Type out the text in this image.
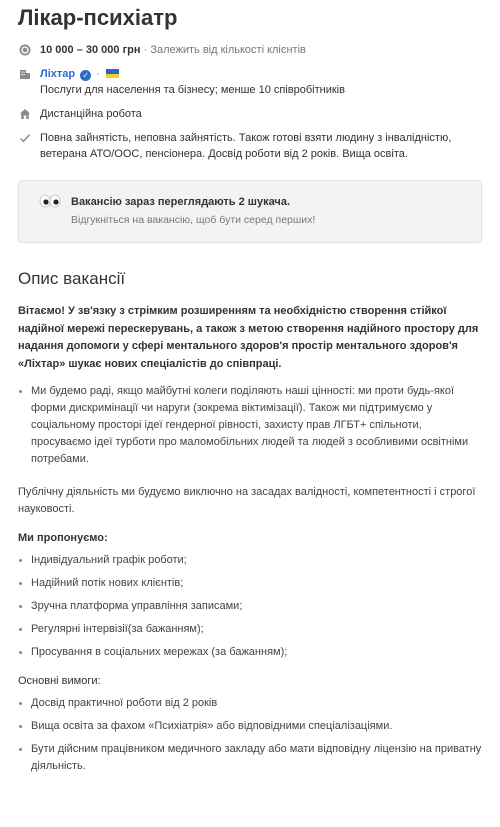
Лікар-психіатр
10 000 – 30 000 грн · Залежить від кількості клієнтів
Ліхтар ✓ ·

Послуги для населення та бізнесу; менше 10 співробітників
Дистанційна робота
Повна зайнятість, неповна зайнятість. Також готові взяти людину з інвалідністю, ветерана АТО/ООС, пенсіонера. Досвід роботи від 2 років. Вища освіта.
Вакансію зараз переглядають 2 шукача.
Відгукніться на вакансію, щоб бути серед перших!
Опис вакансії

Вітаємо! У зв'язку з стрімким розширенням та необхідністю створення стійкої надійної мережі перескерувань, а також з метою створення надійного простору для надання допомоги у сфері ментального здоров'я простір ментального здоров'я «Ліхтар» шукає нових спеціалістів до співпраці.

Ми будемо раді, якщо майбутні колеги поділяють наші цінності: ми проти будь-якої форми дискримінації чи наруги (зокрема віктимізації). Також ми підтримуємо у соціальному просторі ідеї гендерної рівності, захисту прав ЛГБТ+ спільноти, просуваємо ідеї турботи про маломобільних людей та людей з особливими освітніми потребами.

Публічну діяльність ми будуємо виключно на засадах валідності, компетентності і строгої науковості.

Ми пропонуємо:
Індивідуальний графік роботи;
Надійний потік нових клієнтів;
Зручна платформа управління записами;
Регулярні інтервізії(за бажанням);
Просування в соціальних мережах (за бажанням);
Основні вимоги:
Досвід практичної роботи від 2 років
Вища освіта за фахом «Психіатрія» або відповідними спеціалізаціями.
Бути дійсним працівником медичного закладу або мати відповідну ліцензію на приватну діяльність.
